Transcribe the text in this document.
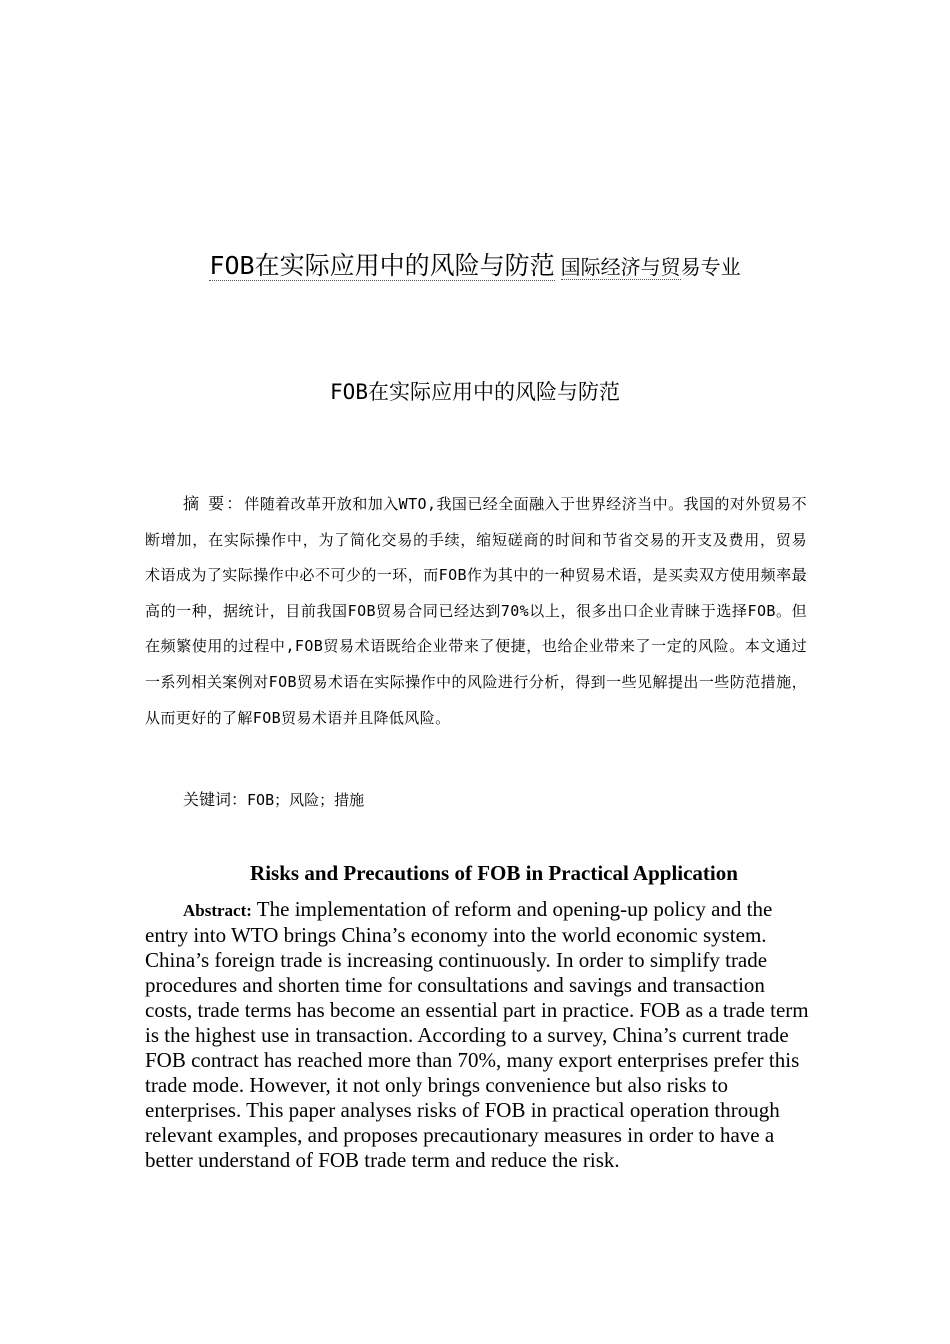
FOB在实际应用中的风险与防范 国际经济与贸易专业
FOB在实际应用中的风险与防范
摘 要：伴随着改革开放和加入WTO,我国已经全面融入于世界经济当中。我国的对外贸易不断增加，在实际操作中，为了简化交易的手续，缩短磋商的时间和节省交易的开支及费用，贸易术语成为了实际操作中必不可少的一环，而FOB作为其中的一种贸易术语，是买卖双方使用频率最高的一种，据统计，目前我国FOB贸易合同已经达到70%以上，很多出口企业青睐于选择FOB。但在频繁使用的过程中,FOB贸易术语既给企业带来了便捷，也给企业带来了一定的风险。本文通过一系列相关案例对FOB贸易术语在实际操作中的风险进行分析，得到一些见解提出一些防范措施，从而更好的了解FOB贸易术语并且降低风险。
关键词：FOB；风险；措施
Risks and Precautions of FOB in Practical Application
Abstract: The implementation of reform and opening-up policy and the entry into WTO brings China’s economy into the world economic system. China’s foreign trade is increasing continuously. In order to simplify trade procedures and shorten time for consultations and savings and transaction costs, trade terms has become an essential part in practice. FOB as a trade term is the highest use in transaction. According to a survey, China’s current trade FOB contract has reached more than 70%, many export enterprises prefer this trade mode. However, it not only brings convenience but also risks to enterprises. This paper analyses risks of FOB in practical operation through relevant examples, and proposes precautionary measures in order to have a better understand of FOB trade term and reduce the risk.
